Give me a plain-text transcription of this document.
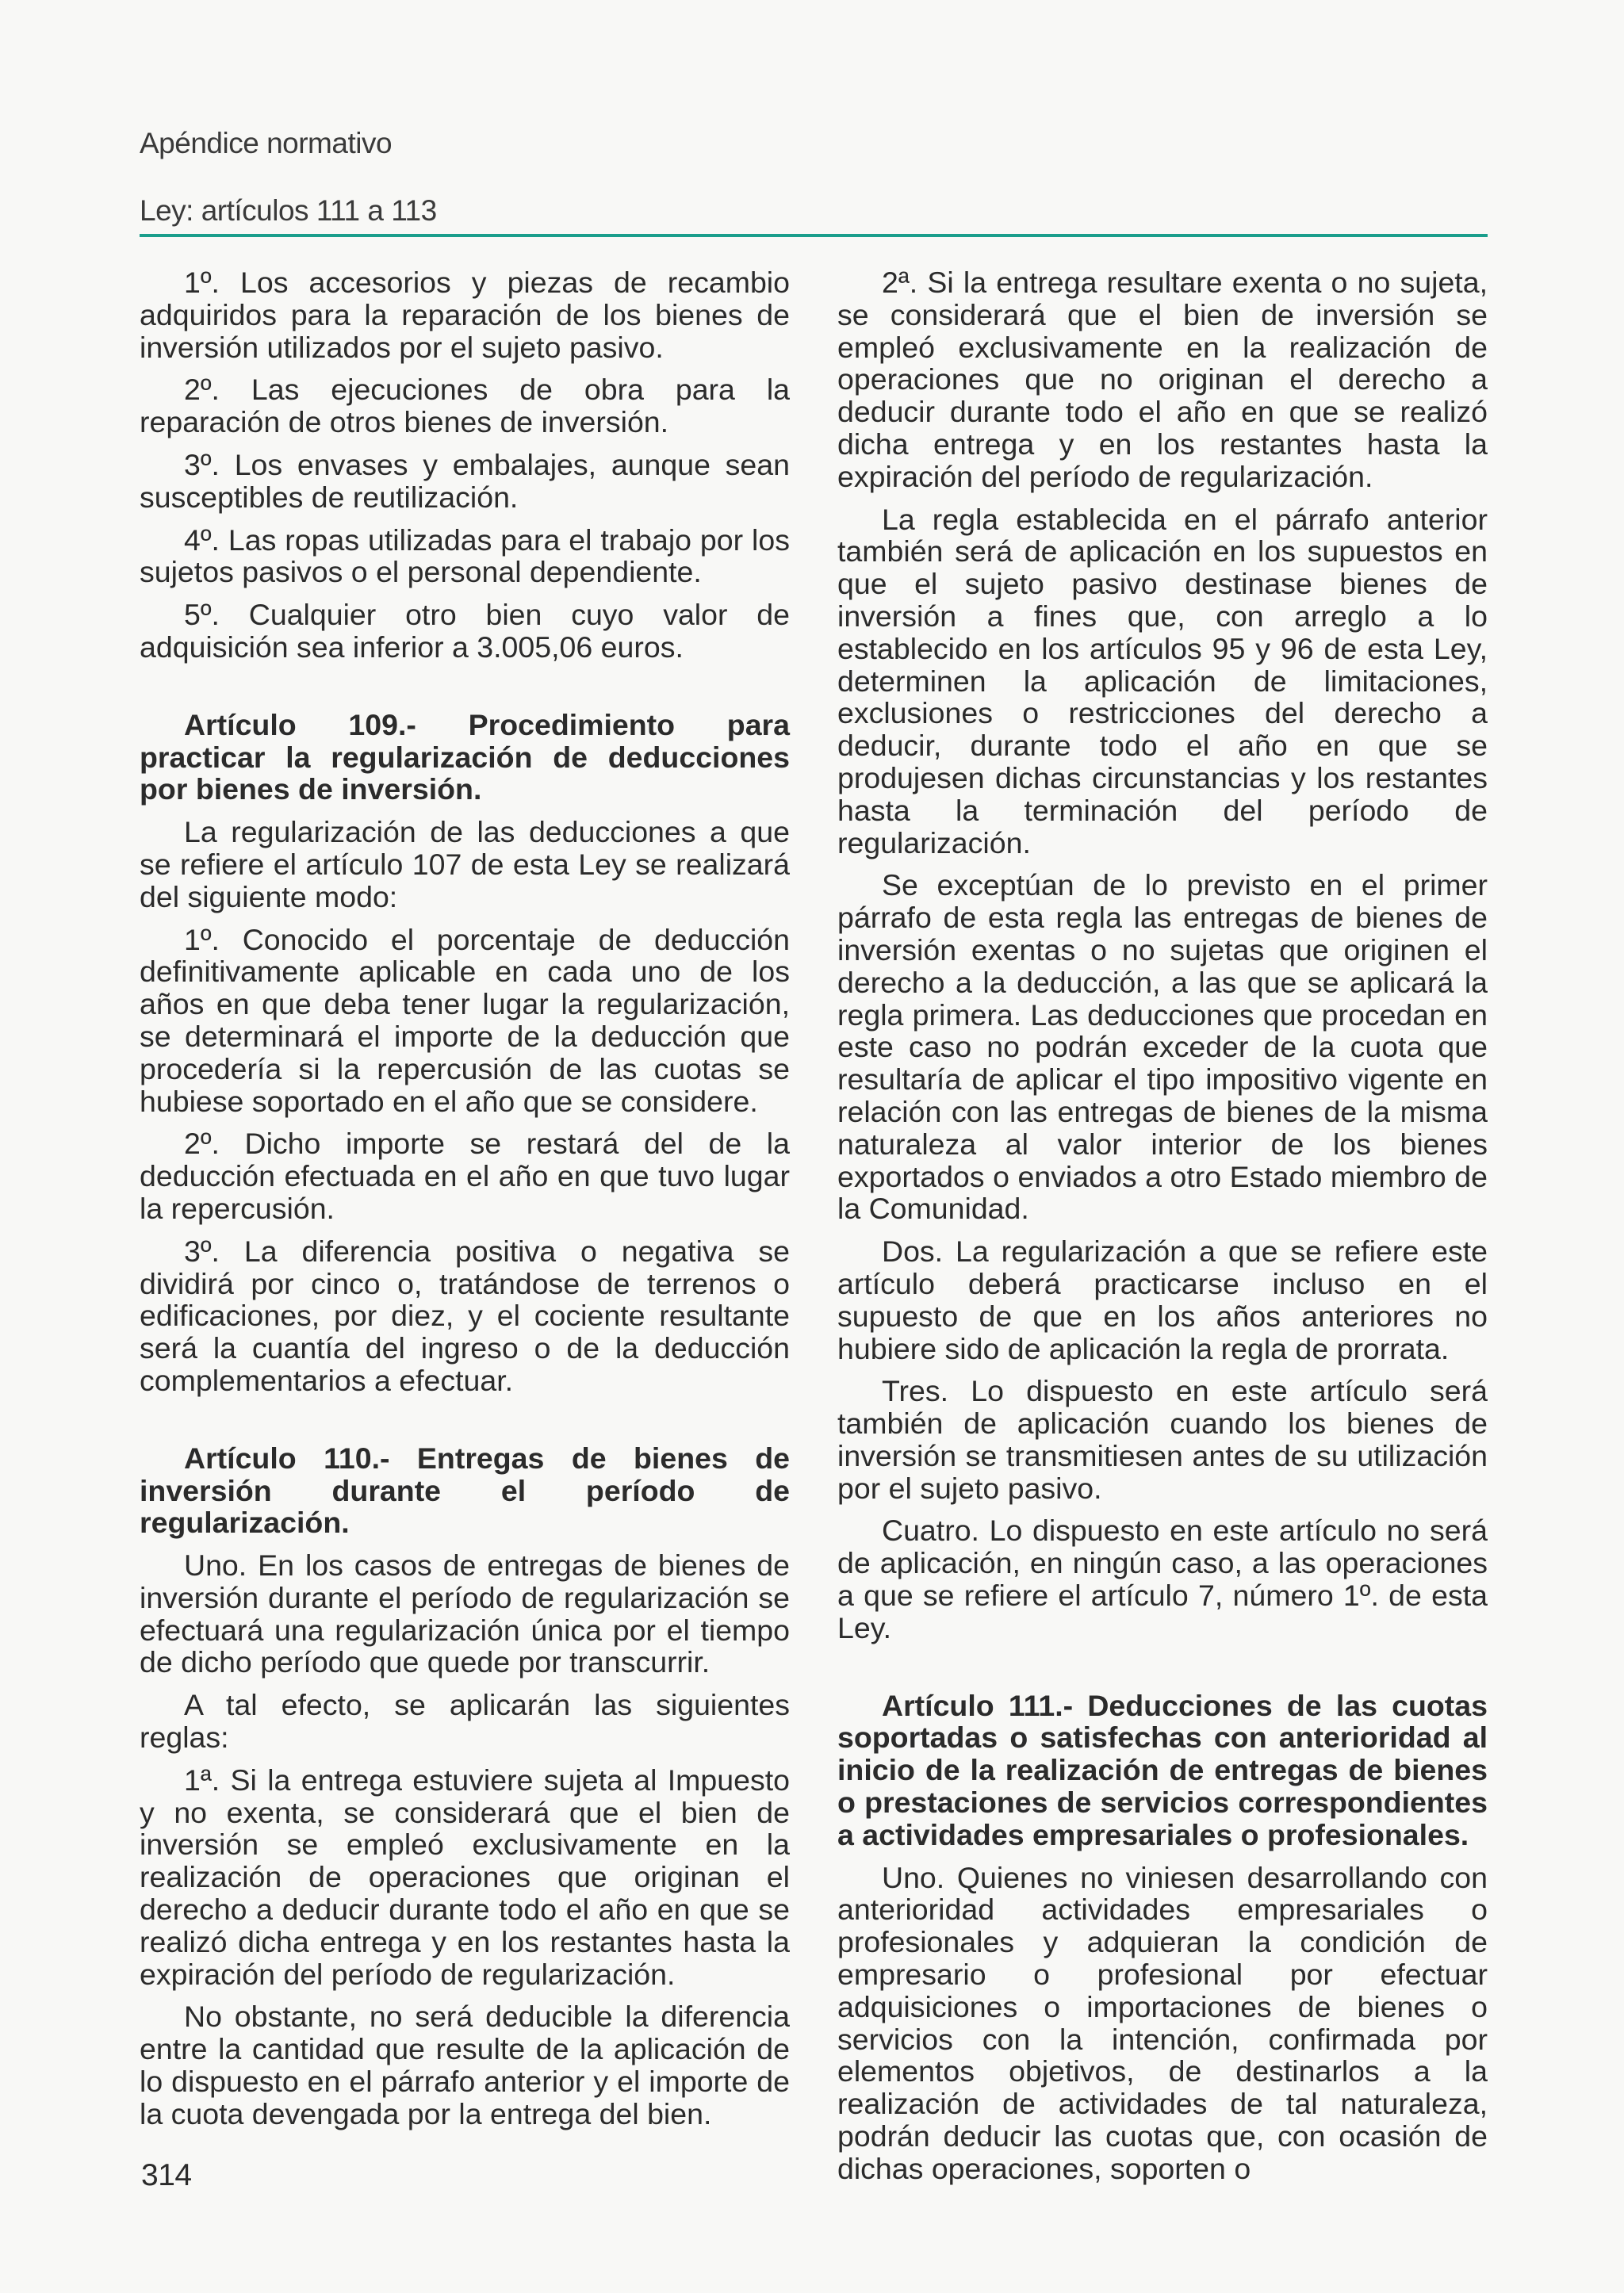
Apéndice normativo
Ley: artículos 111 a 113

1º. Los accesorios y piezas de recambio adquiridos para la reparación de los bienes de inversión utilizados por el sujeto pasivo.

2º. Las ejecuciones de obra para la reparación de otros bienes de inversión.

3º. Los envases y embalajes, aunque sean susceptibles de reutilización.

4º. Las ropas utilizadas para el trabajo por los sujetos pasivos o el personal dependiente.

5º. Cualquier otro bien cuyo valor de adquisición sea inferior a 3.005,06 euros.

Artículo 109.- Procedimiento para practicar la regularización de deducciones por bienes de inversión.

La regularización de las deducciones a que se refiere el artículo 107 de esta Ley se realizará del siguiente modo:

1º. Conocido el porcentaje de deducción definitivamente aplicable en cada uno de los años en que deba tener lugar la regularización, se determinará el importe de la deducción que procedería si la repercusión de las cuotas se hubiese soportado en el año que se considere.

2º. Dicho importe se restará del de la deducción efectuada en el año en que tuvo lugar la repercusión.

3º. La diferencia positiva o negativa se dividirá por cinco o, tratándose de terrenos o edificaciones, por diez, y el cociente resultante será la cuantía del ingreso o de la deducción complementarios a efectuar.

Artículo 110.- Entregas de bienes de inversión durante el período de regularización.

Uno. En los casos de entregas de bienes de inversión durante el período de regularización se efectuará una regularización única por el tiempo de dicho período que quede por transcurrir.

A tal efecto, se aplicarán las siguientes reglas:

1ª. Si la entrega estuviere sujeta al Impuesto y no exenta, se considerará que el bien de inversión se empleó exclusivamente en la realización de operaciones que originan el derecho a deducir durante todo el año en que se realizó dicha entrega y en los restantes hasta la expiración del período de regularización.

No obstante, no será deducible la diferencia entre la cantidad que resulte de la aplicación de lo dispuesto en el párrafo anterior y el importe de la cuota devengada por la entrega del bien.

2ª. Si la entrega resultare exenta o no sujeta, se considerará que el bien de inversión se empleó exclusivamente en la realización de operaciones que no originan el derecho a deducir durante todo el año en que se realizó dicha entrega y en los restantes hasta la expiración del período de regularización.

La regla establecida en el párrafo anterior también será de aplicación en los supuestos en que el sujeto pasivo destinase bienes de inversión a fines que, con arreglo a lo establecido en los artículos 95 y 96 de esta Ley, determinen la aplicación de limitaciones, exclusiones o restricciones del derecho a deducir, durante todo el año en que se produjesen dichas circunstancias y los restantes hasta la terminación del período de regularización.

Se exceptúan de lo previsto en el primer párrafo de esta regla las entregas de bienes de inversión exentas o no sujetas que originen el derecho a la deducción, a las que se aplicará la regla primera. Las deducciones que procedan en este caso no podrán exceder de la cuota que resultaría de aplicar el tipo impositivo vigente en relación con las entregas de bienes de la misma naturaleza al valor interior de los bienes exportados o enviados a otro Estado miembro de la Comunidad.

Dos. La regularización a que se refiere este artículo deberá practicarse incluso en el supuesto de que en los años anteriores no hubiere sido de aplicación la regla de prorrata.

Tres. Lo dispuesto en este artículo será también de aplicación cuando los bienes de inversión se transmitiesen antes de su utilización por el sujeto pasivo.

Cuatro. Lo dispuesto en este artículo no será de aplicación, en ningún caso, a las operaciones a que se refiere el artículo 7, número 1º. de esta Ley.

Artículo 111.- Deducciones de las cuotas soportadas o satisfechas con anterioridad al inicio de la realización de entregas de bienes o prestaciones de servicios correspondientes a actividades empresariales o profesionales.

Uno. Quienes no viniesen desarrollando con anterioridad actividades empresariales o profesionales y adquieran la condición de empresario o profesional por efectuar adquisiciones o importaciones de bienes o servicios con la intención, confirmada por elementos objetivos, de destinarlos a la realización de actividades de tal naturaleza, podrán deducir las cuotas que, con ocasión de dichas operaciones, soporten o

314
